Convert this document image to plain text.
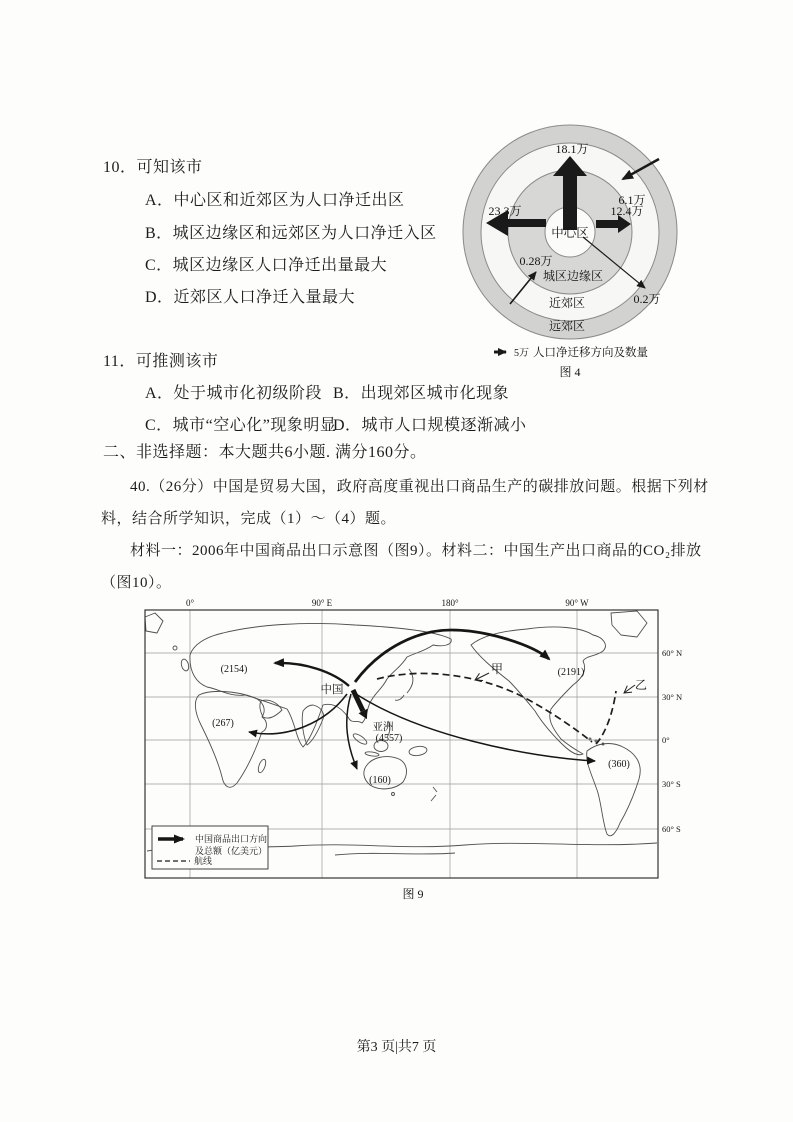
10．可知该市
A．中心区和近郊区为人口净迁出区
B．城区边缘区和远郊区为人口净迁入区
C．城区边缘区人口净迁出量最大
D．近郊区人口净迁入量最大
18.1万
23.3万	12.4万
6.1万
0.28万
0.2万
中心区
城区边缘区
近郊区
远郊区
5万 人口净迁移方向及数量
图 4
11．可推测该市
A．处于城市化初级阶段 B．出现郊区城市化现象
C．城市“空心化”现象明显
D．城市人口规模逐渐减小
二、非选择题：本大题共6小题. 满分160分。
40.（26分）中国是贸易大国，政府高度重视出口商品生产的碳排放问题。根据下列材
料，结合所学知识，完成（1）～（4）题。
材料一：2006年中国商品出口示意图（图9）。材料二：中国生产出口商品的CO₂排放
（图10）。
0°	90° E	180°	90° W
60° N
30° N
0°
30° S
60° S
(2154)
中国
甲	(2191)
乙
(267)	亚洲
(4557)
(160)
(360)
中国商品出口方向
及总额（亿美元）
航线
图 9
第3 页|共7 页
